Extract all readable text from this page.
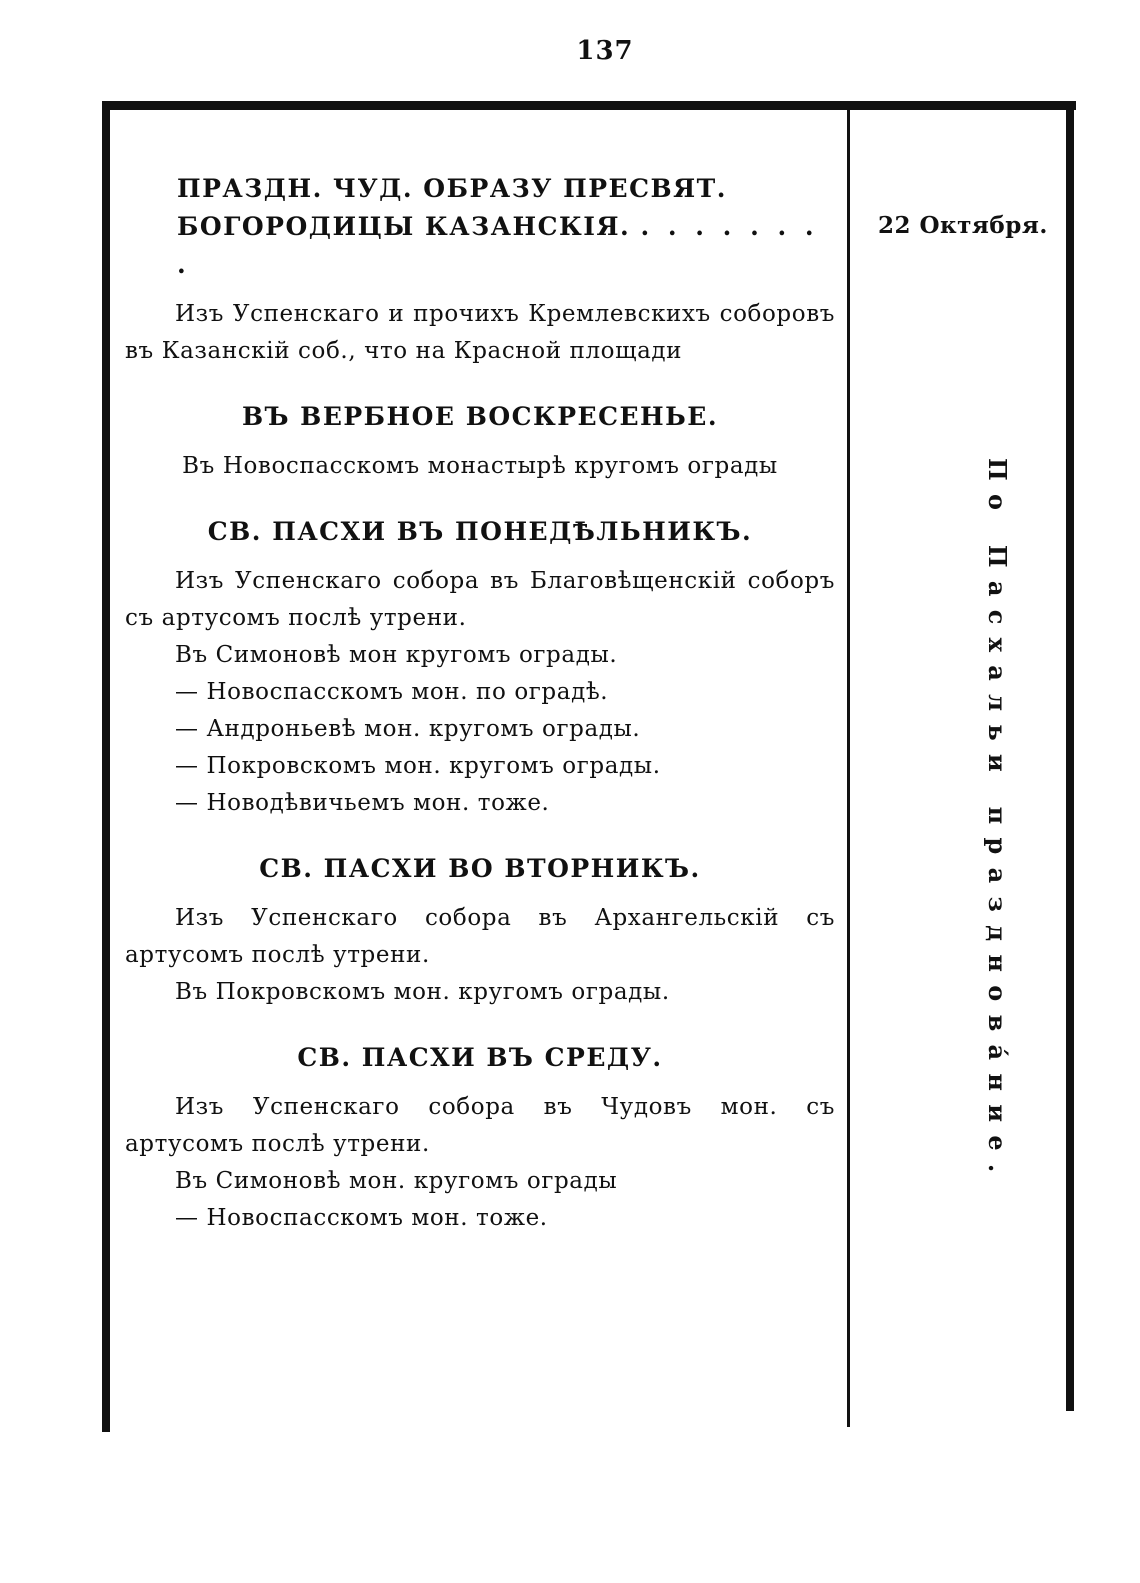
137
ПРАЗДН. ЧУД. ОБРАЗУ ПРЕСВЯТ.
БОГОРОДИЦЫ КАЗАНСКІЯ. . . . . . . . .
Изъ Успенскаго и прочихъ Кремлевскихъ соборовъ въ Казанскій соб., что на Красной площади
ВЪ ВЕРБНОЕ ВОСКРЕСЕНЬЕ.
Въ Новоспасскомъ монастырѣ кругомъ ограды
СВ. ПАСХИ ВЪ ПОНЕДѢЛЬНИКЪ.
Изъ Успенскаго собора въ Благовѣщенскій соборъ съ артусомъ послѣ утрени.
Въ Симоновѣ мон кругомъ ограды.
— Новоспасскомъ мон. по оградѣ.
— Андроньевѣ мон. кругомъ ограды.
— Покровскомъ мон. кругомъ ограды.
— Новодѣвичьемъ мон. тоже.
СВ. ПАСХИ ВО ВТОРНИКЪ.
Изъ Успенскаго собора въ Архангельскій съ артусомъ послѣ утрени.
Въ Покровскомъ мон. кругомъ ограды.
СВ. ПАСХИ ВЪ СРЕДУ.
Изъ Успенскаго собора въ Чудовъ мон. съ артусомъ послѣ утрени.
Въ Симоновѣ мон. кругомъ ограды
— Новоспасскомъ мон. тоже.
22 Октября.
По Пасхальи праздновáние.
